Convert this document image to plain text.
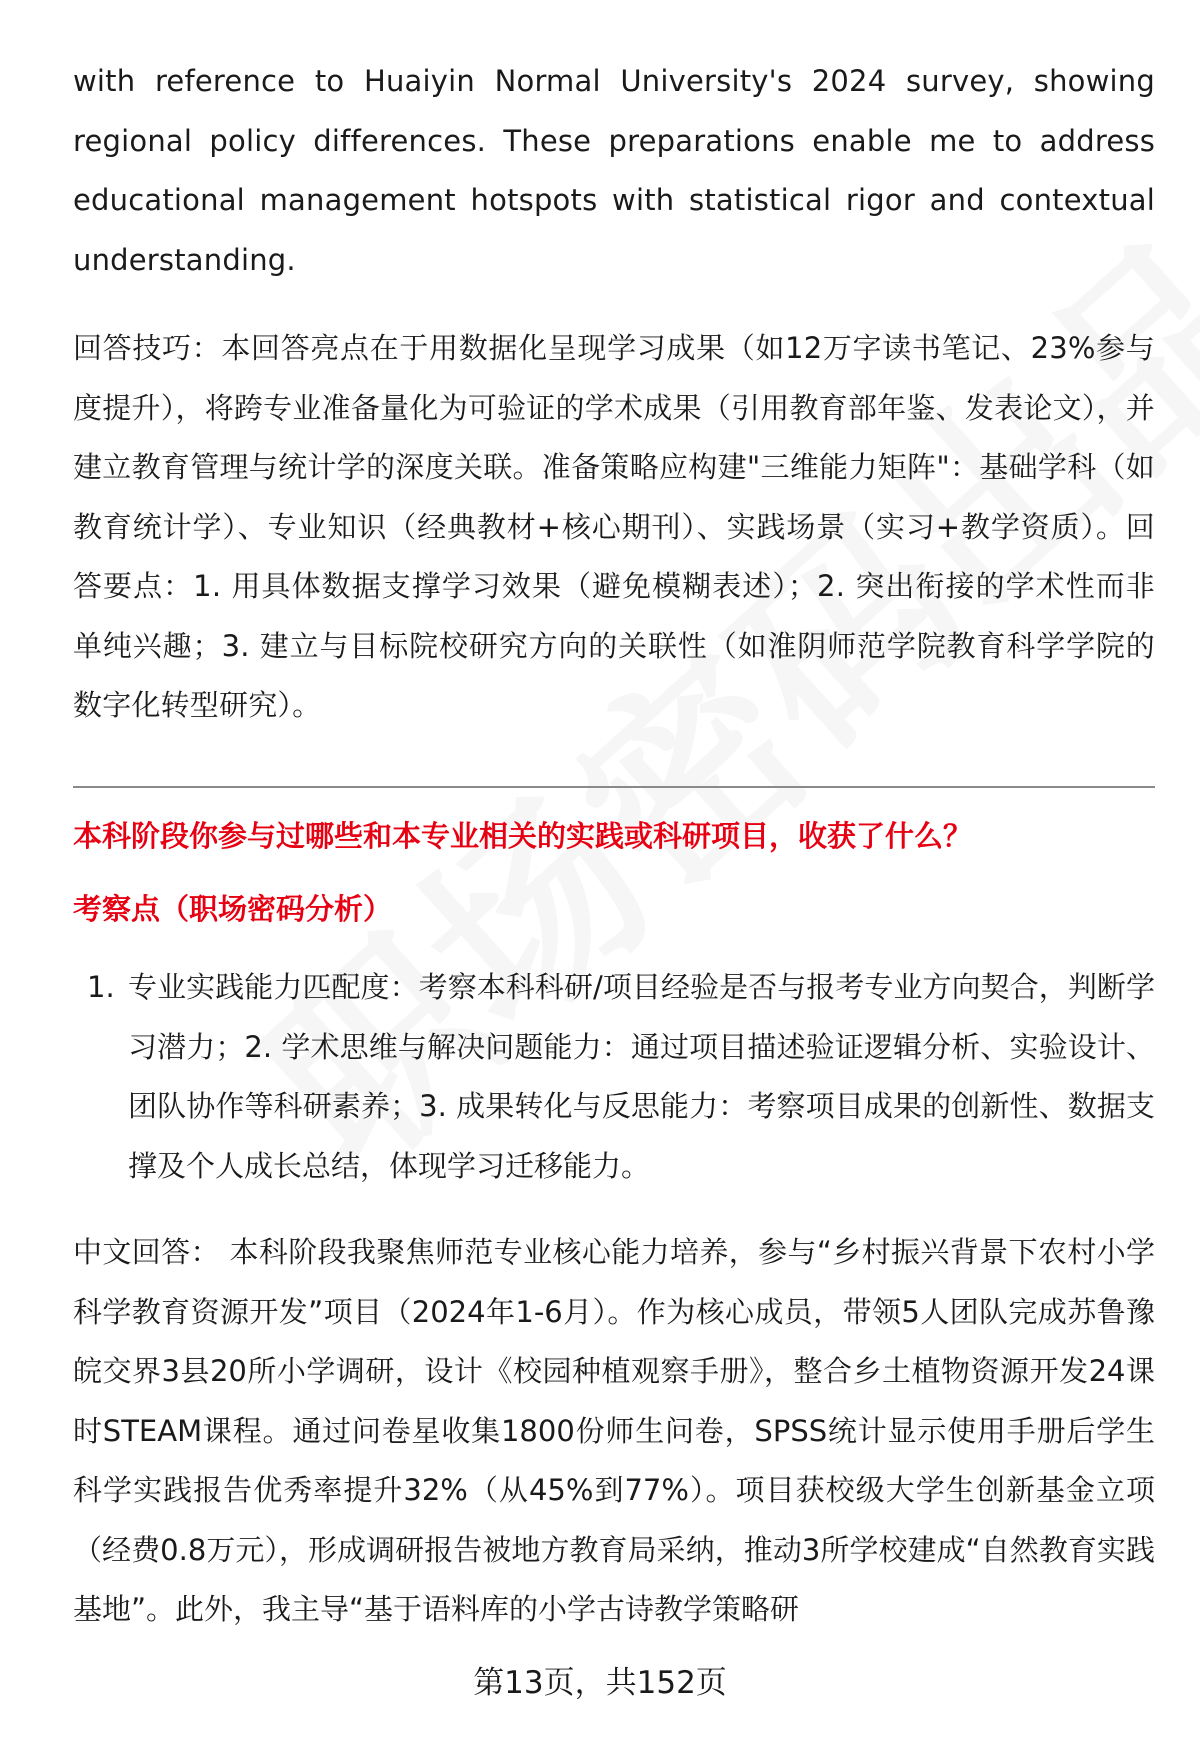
with reference to Huaiyin Normal University's 2024 survey, showing regional policy differences. These preparations enable me to address educational management hotspots with statistical rigor and contextual understanding.

回答技巧：本回答亮点在于用数据化呈现学习成果（如12万字读书笔记、23%参与度提升），将跨专业准备量化为可验证的学术成果（引用教育部年鉴、发表论文），并建立教育管理与统计学的深度关联。准备策略应构建"三维能力矩阵"：基础学科（如教育统计学）、专业知识（经典教材+核心期刊）、实践场景（实习+教学资质）。回答要点：1. 用具体数据支撑学习效果（避免模糊表述）；2. 突出衔接的学术性而非单纯兴趣；3. 建立与目标院校研究方向的关联性（如淮阴师范学院教育科学学院的数字化转型研究）。

本科阶段你参与过哪些和本专业相关的实践或科研项目，收获了什么？
考察点（职场密码分析）
1. 专业实践能力匹配度：考察本科科研/项目经验是否与报考专业方向契合，判断学习潜力；2. 学术思维与解决问题能力：通过项目描述验证逻辑分析、实验设计、团队协作等科研素养；3. 成果转化与反思能力：考察项目成果的创新性、数据支撑及个人成长总结，体现学习迁移能力。
中文回答： 本科阶段我聚焦师范专业核心能力培养，参与“乡村振兴背景下农村小学科学教育资源开发”项目（2024年1-6月）。作为核心成员，带领5人团队完成苏鲁豫皖交界3县20所小学调研，设计《校园种植观察手册》，整合乡土植物资源开发24课时STEAM课程。通过问卷星收集1800份师生问卷，SPSS统计显示使用手册后学生科学实践报告优秀率提升32%（从45%到77%）。项目获校级大学生创新基金立项（经费0.8万元），形成调研报告被地方教育局采纳，推动3所学校建成“自然教育实践基地”。此外，我主导“基于语料库的小学古诗教学策略研
第13页，共152页
